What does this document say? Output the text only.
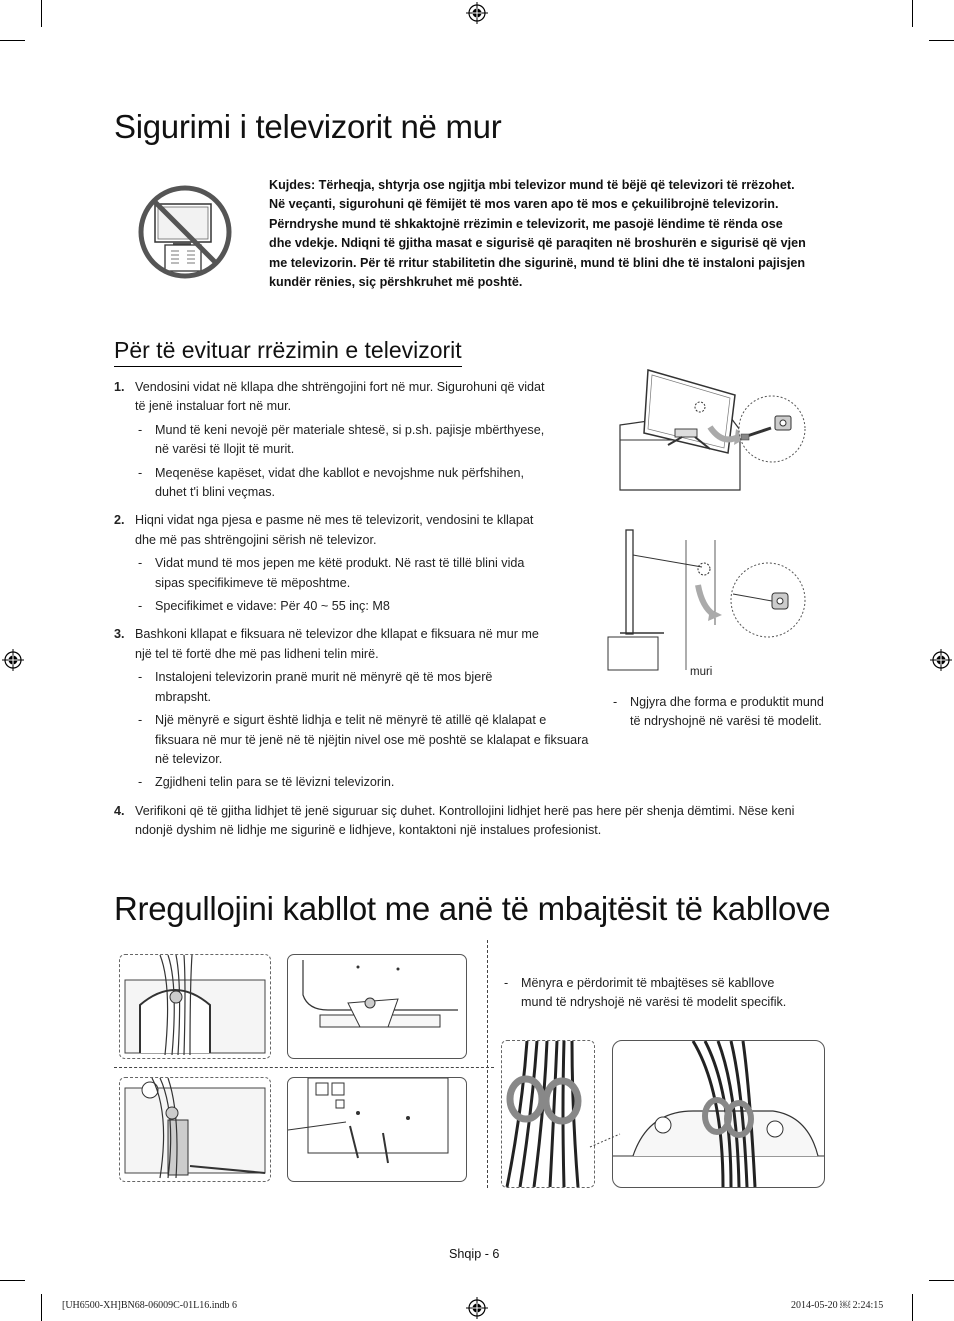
Sigurimi i televizorit në mur
Kujdes: Tërheqja, shtyrja ose ngjitja mbi televizor mund të bëjë që televizori të rrëzohet.
Në veçanti, sigurohuni që fëmijët të mos varen apo të mos e çekuilibrojnë televizorin.
Përndryshe mund të shkaktojnë rrëzimin e televizorit, me pasojë lëndime të rënda ose
dhe vdekje. Ndiqni të gjitha masat e sigurisë që paraqiten në broshurën e sigurisë që vjen
me televizorin. Për të rritur stabilitetin dhe sigurinë, mund të blini dhe të instaloni pajisjen
kundër rënies, siç përshkruhet më poshtë.
Për të evituar rrëzimin e televizorit
1. Vendosini vidat në kllapa dhe shtrëngojini fort në mur. Sigurohuni që vidat
të jenë instaluar fort në mur.
- Mund të keni nevojë për materiale shtesë, si p.sh. pajisje mbërthyese,
në varësi të llojit të murit.
- Meqenëse kapëset, vidat dhe kabllot e nevojshme nuk përfshihen,
duhet t'i blini veçmas.
2. Hiqni vidat nga pjesa e pasme në mes të televizorit, vendosini te kllapat
dhe më pas shtrëngojini sërish në televizor.
- Vidat mund të mos jepen me këtë produkt. Në rast të tillë blini vida
sipas specifikimeve të mëposhtme.
- Specifikimet e vidave: Për 40 ~ 55 inç: M8
3. Bashkoni kllapat e fiksuara në televizor dhe kllapat e fiksuara në mur me
një tel të fortë dhe më pas lidheni telin mirë.
- Instalojeni televizorin pranë murit në mënyrë që të mos bjerë
mbrapsht.
- Një mënyrë e sigurt është lidhja e telit në mënyrë të atillë që klalapat e
fiksuara në mur të jenë në të njëjtin nivel ose më poshtë se klalapat e fiksuara
në televizor.
- Zgjidheni telin para se të lëvizni televizorin.
4. Verifikoni që të gjitha lidhjet të jenë siguruar siç duhet. Kontrollojini lidhjet herë pas here për shenja dëmtimi. Nëse keni
ndonjë dyshim në lidhje me sigurinë e lidhjeve, kontaktoni një instalues profesionist.
muri
- Ngjyra dhe forma e produktit mund
të ndryshojnë në varësi të modelit.
Rregullojini kabllot me anë të mbajtësit të kabllove
- Mënyra e përdorimit të mbajtëses së kabllove
mund të ndryshojë në varësi të modelit specifik.
Shqip - 6
[UH6500-XH]BN68-06009C-01L16.indb 6	2014-05-20 ￼ 2:24:15
